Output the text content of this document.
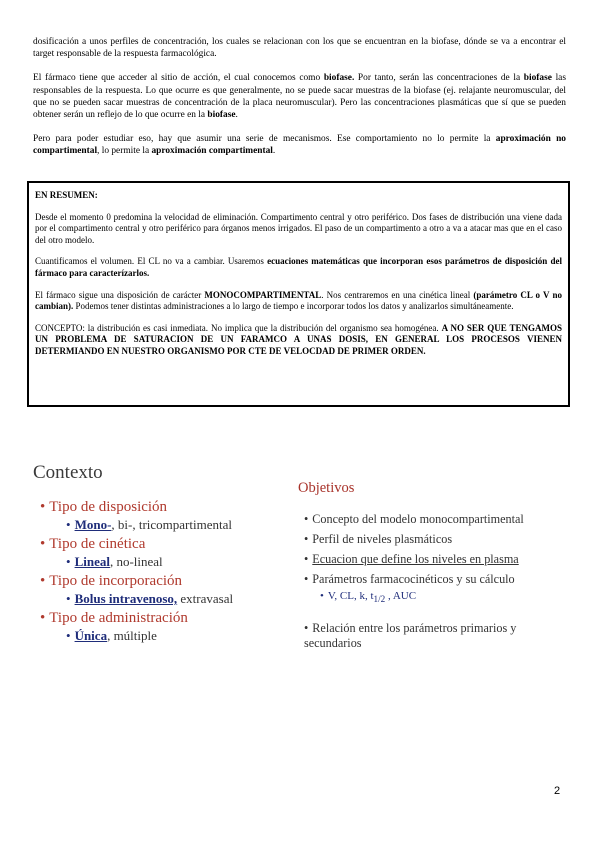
dosificación a unos perfiles de concentración, los cuales se relacionan con los que se encuentran en la biofase, dónde se va a encontrar el target responsable de la respuesta farmacológica.

El fármaco tiene que acceder al sitio de acción, el cual conocemos como biofase. Por tanto, serán las concentraciones de la biofase las responsables de la respuesta. Lo que ocurre es que generalmente, no se puede sacar muestras de la biofase (ej. relajante neuromuscular, del que no se pueden sacar muestras de concentración de la placa neuromuscular). Pero las concentraciones plasmáticas que sí que se pueden obtener serán un reflejo de lo que ocurre en la biofase.

Pero para poder estudiar eso, hay que asumir una serie de mecanismos. Ese comportamiento no lo permite la aproximación no compartimental, lo permite la aproximación compartimental.

EN RESUMEN:

Desde el momento 0 predomina la velocidad de eliminación. Compartimento central y otro periférico. Dos fases de distribución una viene dada por el compartimento central y otro periférico para órganos menos irrigados. El paso de un compartimento a otro a va a atacar mas que en el caso del otro modelo.

Cuantificamos el volumen. El CL no va a cambiar. Usaremos ecuaciones matemáticas que incorporan esos parámetros de disposición del fármaco para caracterízarlos.

El fármaco sigue una disposición de carácter MONOCOMPARTIMENTAL. Nos centraremos en una cinética lineal (parámetro CL o V no cambian). Podemos tener distintas administraciones a lo largo de tiempo e incorporar todos los datos y analizarlos simultáneamente.

CONCEPTO: la distribución es casi inmediata. No implica que la distribución del organismo sea homogénea. A NO SER QUE TENGAMOS UN PROBLEMA DE SATURACION DE UN FARAMCO A UNAS DOSIS, EN GENERAL LOS PROCESOS VIENEN DETERMIANDO EN NUESTRO ORGANISMO POR CTE DE VELOCDAD DE PRIMER ORDEN.

Contexto
• Tipo de disposición
• Mono-, bi-, tricompartimental
• Tipo de cinética
• Lineal, no-lineal
• Tipo de incorporación
• Bolus intravenoso, extravasal
• Tipo de administración
• Única, múltiple
Objetivos
• Concepto del modelo monocompartimental
• Perfil de niveles plasmáticos
• Ecuacion que define los niveles en plasma
• Parámetros farmacocinéticos y su cálculo
• V, CL, k, $t_{1/2}$ , AUC
• Relación entre los parámetros primarios y secundarios
2
